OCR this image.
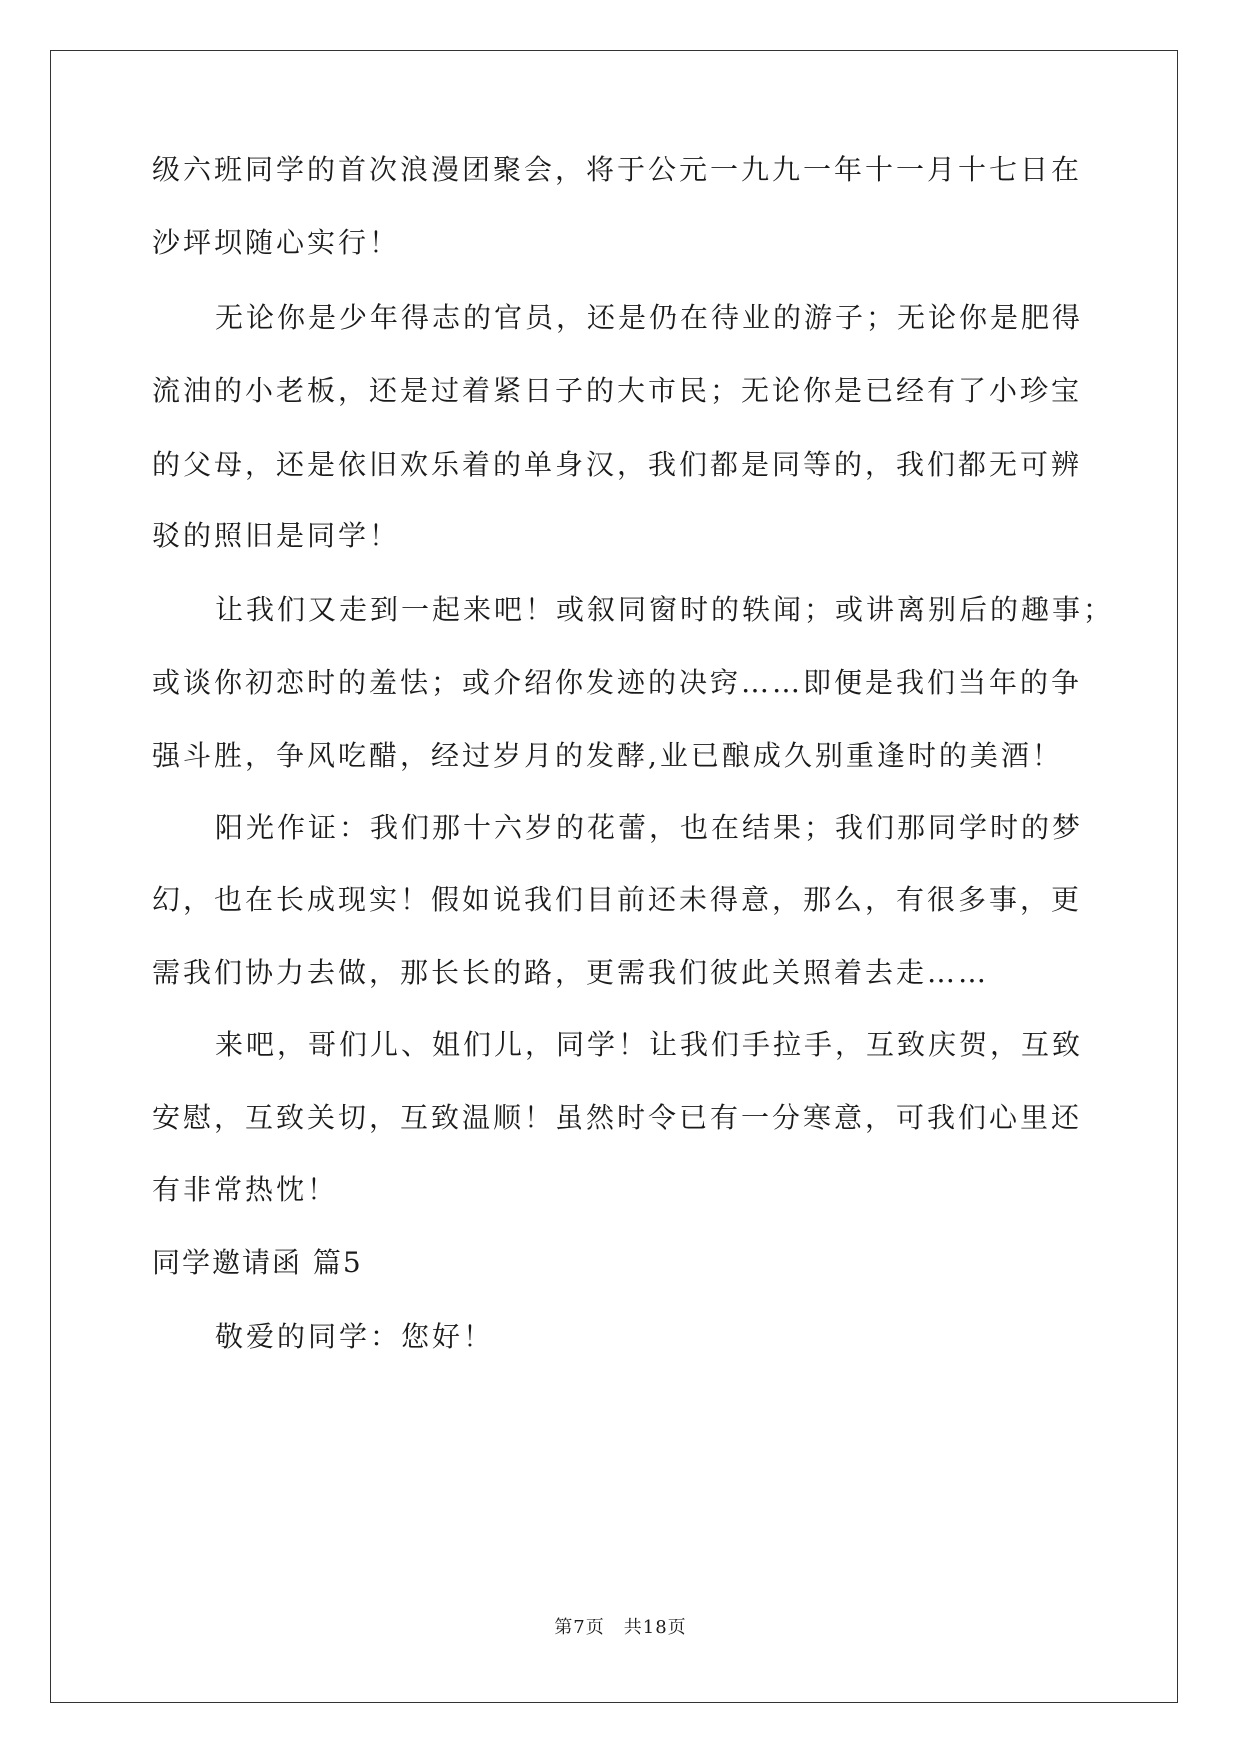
级六班同学的首次浪漫团聚会，将于公元一九九一年十一月十七日在
沙坪坝随心实行！
无论你是少年得志的官员，还是仍在待业的游子；无论你是肥得
流油的小老板，还是过着紧日子的大市民；无论你是已经有了小珍宝
的父母，还是依旧欢乐着的单身汉，我们都是同等的，我们都无可辨
驳的照旧是同学！
让我们又走到一起来吧！或叙同窗时的轶闻；或讲离别后的趣事；
或谈你初恋时的羞怯；或介绍你发迹的决窍……即便是我们当年的争
强斗胜，争风吃醋，经过岁月的发酵,业已酿成久别重逢时的美酒！
阳光作证：我们那十六岁的花蕾，也在结果；我们那同学时的梦
幻，也在长成现实！假如说我们目前还未得意，那么，有很多事，更
需我们协力去做，那长长的路，更需我们彼此关照着去走……
来吧，哥们儿、姐们儿，同学！让我们手拉手，互致庆贺，互致
安慰，互致关切，互致温顺！虽然时令已有一分寒意，可我们心里还
有非常热忱！
同学邀请函 篇5
敬爱的同学：您好！
第7页　共18页
